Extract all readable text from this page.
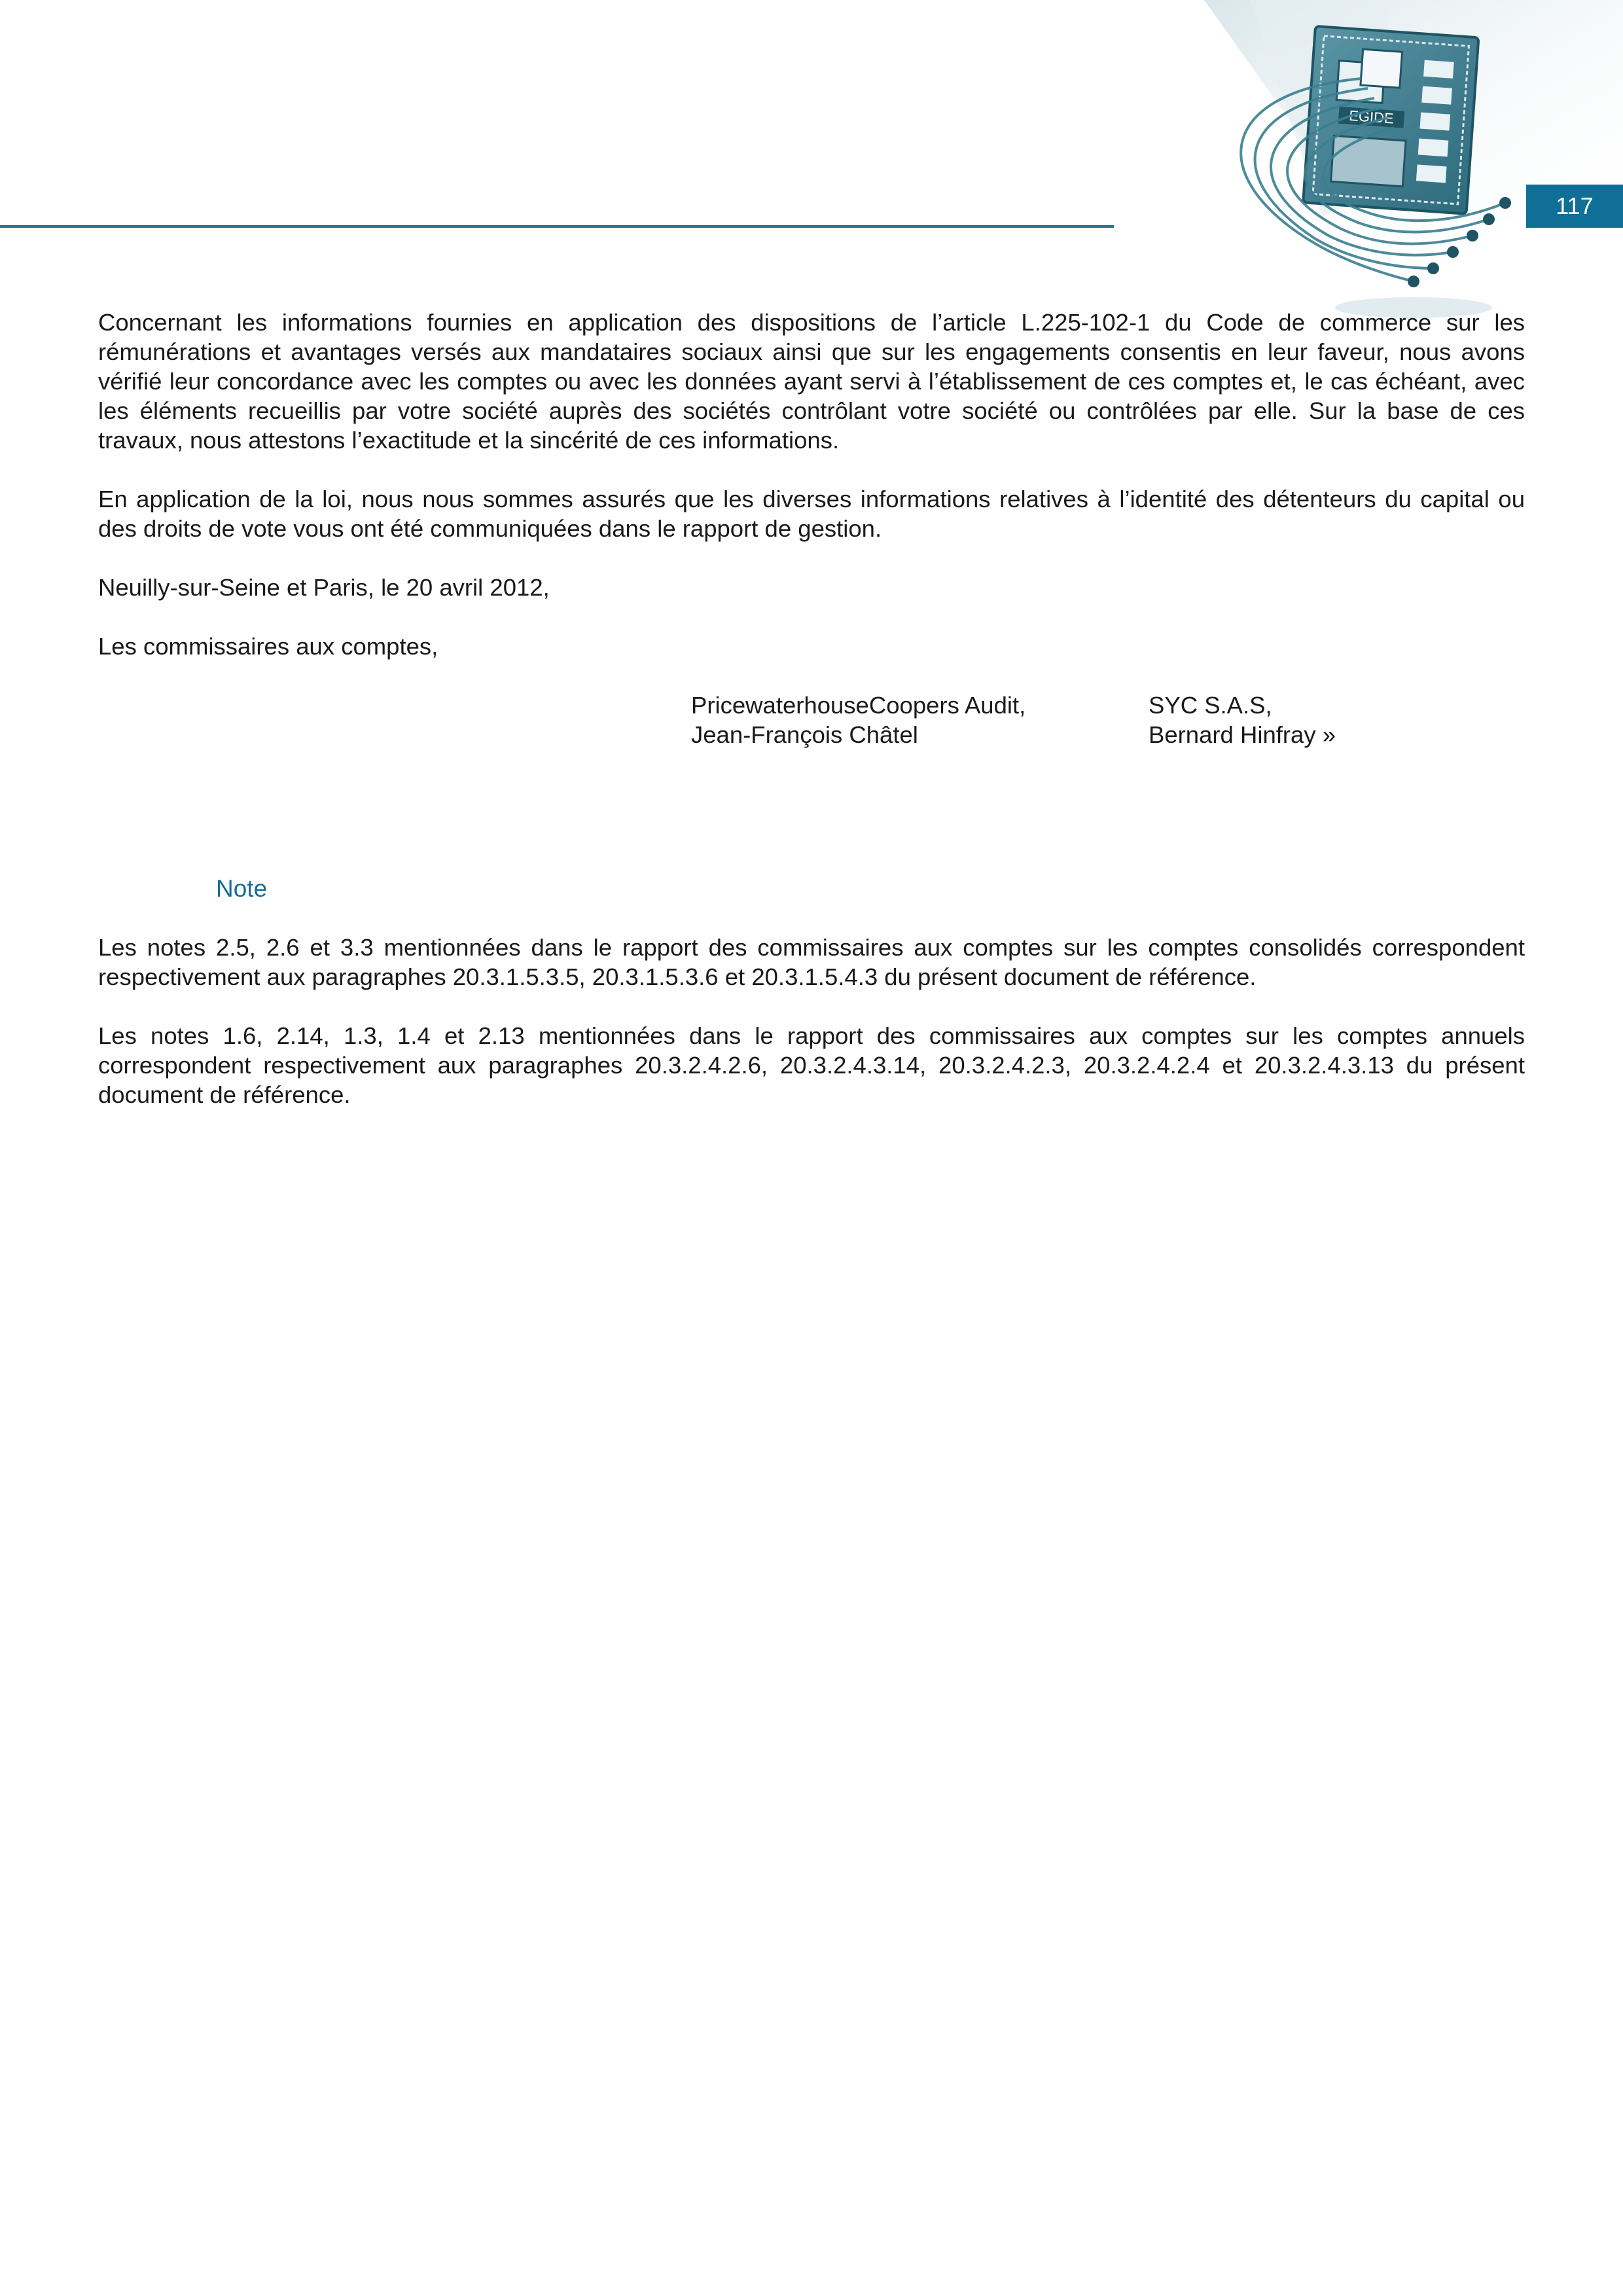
EGIDE
117

Concernant les informations fournies en application des dispositions de l’article L.225-102-1 du Code de commerce sur les rémunérations et avantages versés aux mandataires sociaux ainsi que sur les engagements consentis en leur faveur, nous avons vérifié leur concordance avec les comptes ou avec les données ayant servi à l’établissement de ces comptes et, le cas échéant, avec les éléments recueillis par votre société auprès des sociétés contrôlant votre société ou contrôlées par elle. Sur la base de ces travaux, nous attestons l’exactitude et la sincérité de ces informations.

En application de la loi, nous nous sommes assurés que les diverses informations relatives à l’identité des détenteurs du capital ou des droits de vote vous ont été communiquées dans le rapport de gestion.

Neuilly-sur-Seine et Paris, le 20 avril 2012,

Les commissaires aux comptes,

PricewaterhouseCoopers Audit,
Jean-François Châtel
SYC S.A.S,
Bernard Hinfray »

Note

Les notes 2.5, 2.6 et 3.3 mentionnées dans le rapport des commissaires aux comptes sur les comptes consolidés correspondent respectivement aux paragraphes 20.3.1.5.3.5, 20.3.1.5.3.6 et 20.3.1.5.4.3 du présent document de référence.

Les notes 1.6, 2.14, 1.3, 1.4 et 2.13 mentionnées dans le rapport des commissaires aux comptes sur les comptes annuels correspondent respectivement aux paragraphes 20.3.2.4.2.6, 20.3.2.4.3.14, 20.3.2.4.2.3, 20.3.2.4.2.4 et 20.3.2.4.3.13 du présent document de référence.
